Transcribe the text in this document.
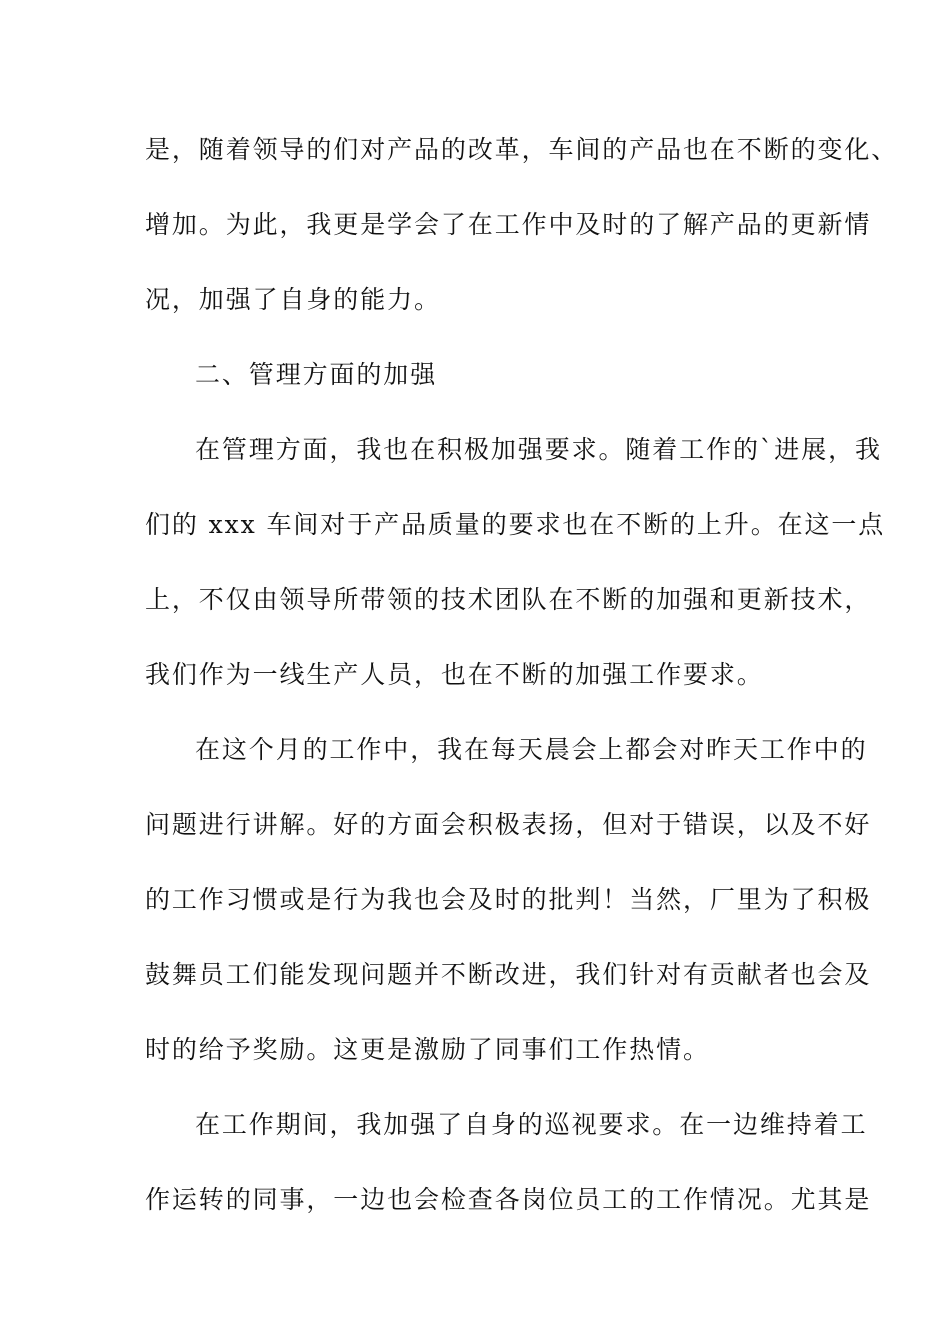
是，随着领导的们对产品的改革，车间的产品也在不断的变化、
增加。为此，我更是学会了在工作中及时的了解产品的更新情
况，加强了自身的能力。
二、管理方面的加强
在管理方面，我也在积极加强要求。随着工作的`进展，我
们的 xxx 车间对于产品质量的要求也在不断的上升。在这一点
上，不仅由领导所带领的技术团队在不断的加强和更新技术，
我们作为一线生产人员，也在不断的加强工作要求。
在这个月的工作中，我在每天晨会上都会对昨天工作中的
问题进行讲解。好的方面会积极表扬，但对于错误，以及不好
的工作习惯或是行为我也会及时的批判！当然，厂里为了积极
鼓舞员工们能发现问题并不断改进，我们针对有贡献者也会及
时的给予奖励。这更是激励了同事们工作热情。
在工作期间，我加强了自身的巡视要求。在一边维持着工
作运转的同事，一边也会检查各岗位员工的工作情况。尤其是
